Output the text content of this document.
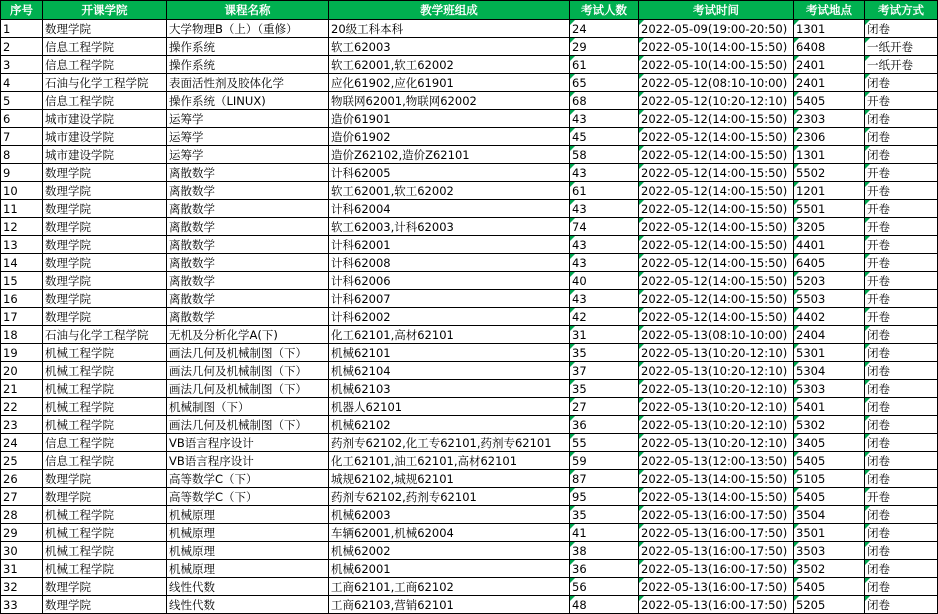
序号	开课学院	课程名称	教学班组成	考试人数	考试时间	考试地点	考试方式
1	数理学院	大学物理B（上）（重修）	20级工科本科	24	2022-05-09(19:00-20:50)	1301	闭卷
2	信息工程学院	操作系统	软工62003	29	2022-05-10(14:00-15:50)	6408	一纸开卷
3	信息工程学院	操作系统	软工62001,软工62002	61	2022-05-10(14:00-15:50)	2401	一纸开卷
4	石油与化学工程学院	表面活性剂及胶体化学	应化61902,应化61901	65	2022-05-12(08:10-10:00)	2401	闭卷
5	信息工程学院	操作系统（LINUX)	物联网62001,物联网62002	68	2022-05-12(10:20-12:10)	5405	开卷
6	城市建设学院	运筹学	造价61901	43	2022-05-12(14:00-15:50)	2303	闭卷
7	城市建设学院	运筹学	造价61902	45	2022-05-12(14:00-15:50)	2306	闭卷
8	城市建设学院	运筹学	造价Z62102,造价Z62101	58	2022-05-12(14:00-15:50)	1301	闭卷
9	数理学院	离散数学	计科62005	43	2022-05-12(14:00-15:50)	5502	开卷
10	数理学院	离散数学	软工62001,软工62002	61	2022-05-12(14:00-15:50)	1201	开卷
11	数理学院	离散数学	计科62004	43	2022-05-12(14:00-15:50)	5501	开卷
12	数理学院	离散数学	软工62003,计科62003	74	2022-05-12(14:00-15:50)	3205	开卷
13	数理学院	离散数学	计科62001	43	2022-05-12(14:00-15:50)	4401	开卷
14	数理学院	离散数学	计科62008	43	2022-05-12(14:00-15:50)	6405	开卷
15	数理学院	离散数学	计科62006	40	2022-05-12(14:00-15:50)	5203	开卷
16	数理学院	离散数学	计科62007	43	2022-05-12(14:00-15:50)	5503	开卷
17	数理学院	离散数学	计科62002	42	2022-05-12(14:00-15:50)	4402	开卷
18	石油与化学工程学院	无机及分析化学A(下)	化工62101,高材62101	31	2022-05-13(08:10-10:00)	2404	闭卷
19	机械工程学院	画法几何及机械制图（下）	机械62101	35	2022-05-13(10:20-12:10)	5301	闭卷
20	机械工程学院	画法几何及机械制图（下）	机械62104	37	2022-05-13(10:20-12:10)	5304	闭卷
21	机械工程学院	画法几何及机械制图（下）	机械62103	35	2022-05-13(10:20-12:10)	5303	闭卷
22	机械工程学院	机械制图（下）	机器人62101	27	2022-05-13(10:20-12:10)	5401	闭卷
23	机械工程学院	画法几何及机械制图（下）	机械62102	36	2022-05-13(10:20-12:10)	5302	闭卷
24	信息工程学院	VB语言程序设计	药剂专62102,化工专62101,药剂专62101	55	2022-05-13(10:20-12:10)	3405	闭卷
25	信息工程学院	VB语言程序设计	化工62101,油工62101,高材62101	59	2022-05-13(12:00-13:50)	5405	闭卷
26	数理学院	高等数学C（下）	城规62102,城规62101	87	2022-05-13(14:00-15:50)	5105	闭卷
27	数理学院	高等数学C（下）	药剂专62102,药剂专62101	95	2022-05-13(14:00-15:50)	5405	开卷
28	机械工程学院	机械原理	机械62003	35	2022-05-13(16:00-17:50)	3504	闭卷
29	机械工程学院	机械原理	车辆62001,机械62004	41	2022-05-13(16:00-17:50)	3501	闭卷
30	机械工程学院	机械原理	机械62002	38	2022-05-13(16:00-17:50)	3503	闭卷
31	机械工程学院	机械原理	机械62001	36	2022-05-13(16:00-17:50)	3502	闭卷
32	数理学院	线性代数	工商62101,工商62102	56	2022-05-13(16:00-17:50)	5405	闭卷
33	数理学院	线性代数	工商62103,营销62101	48	2022-05-13(16:00-17:50)	5205	闭卷
